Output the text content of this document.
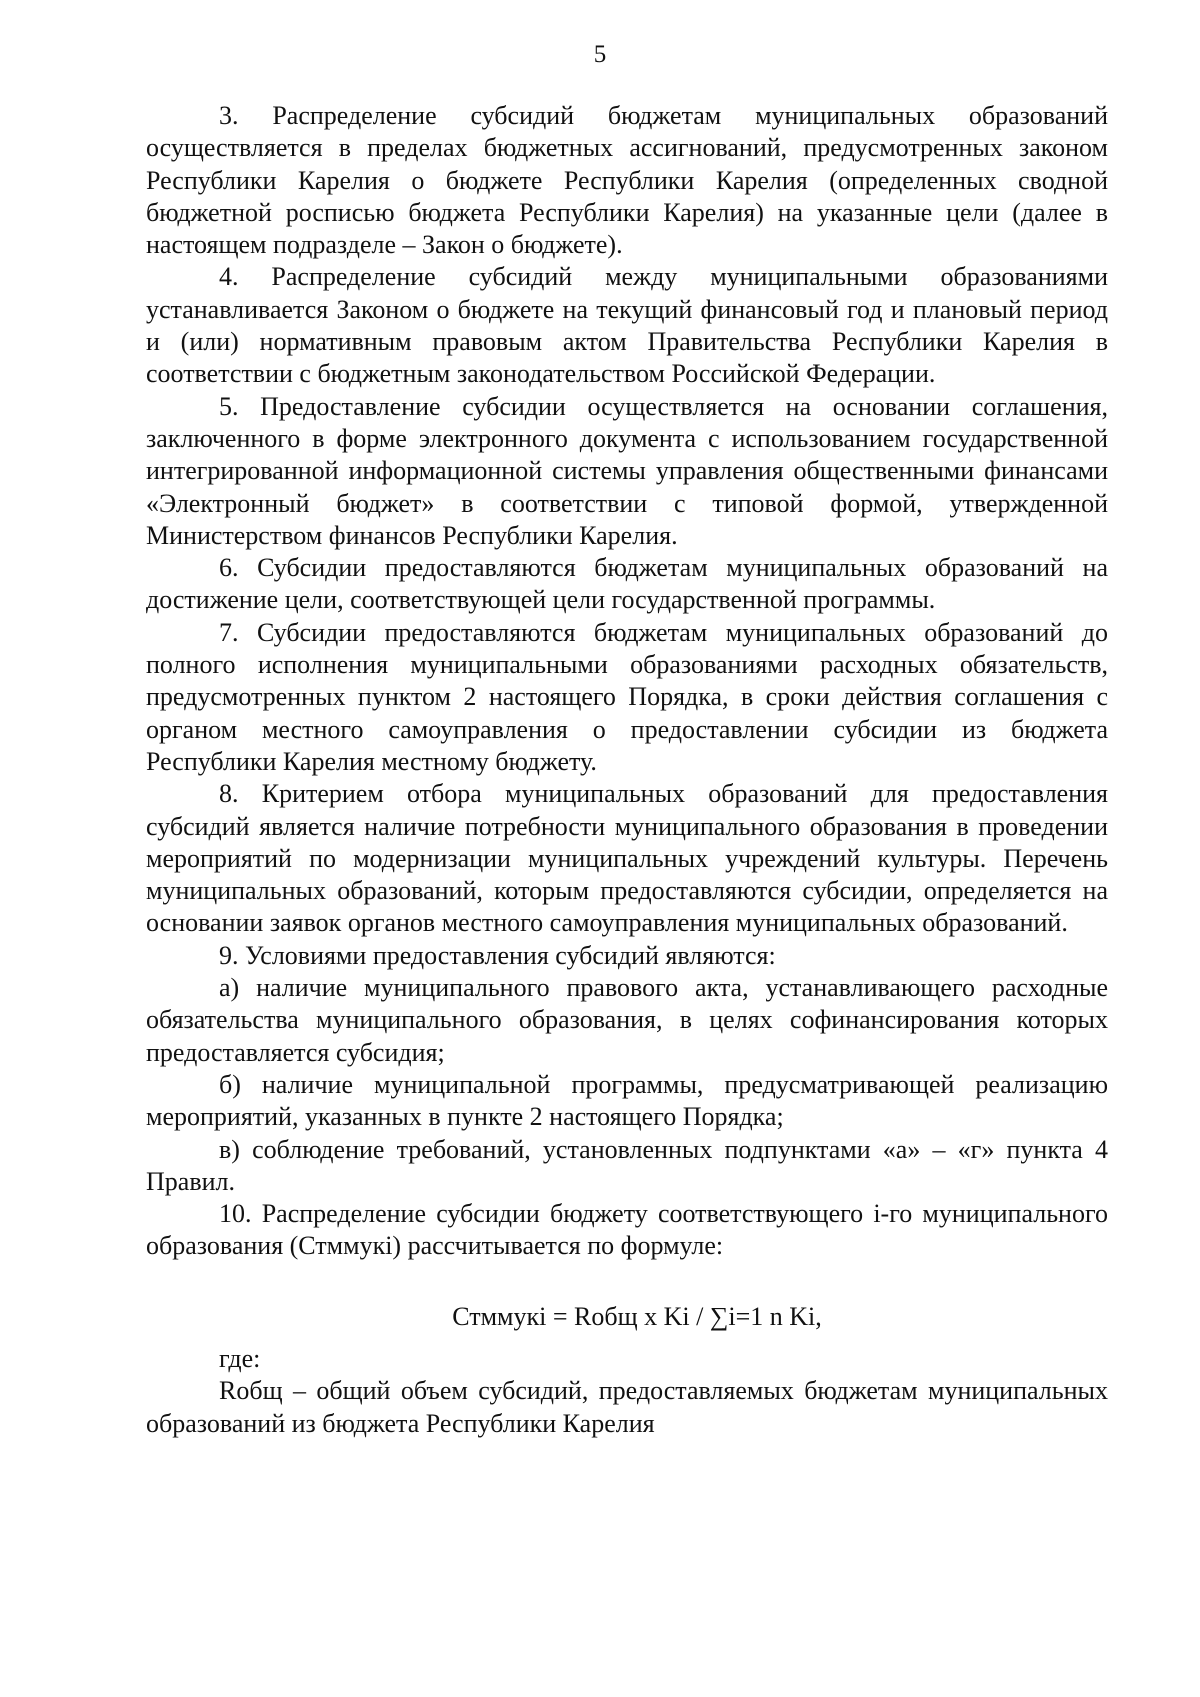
5

3. Распределение субсидий бюджетам муниципальных образований осуществляется в пределах бюджетных ассигнований, предусмотренных законом Республики Карелия о бюджете Республики Карелия (определенных сводной бюджетной росписью бюджета Республики Карелия) на указанные цели (далее в настоящем подразделе – Закон о бюджете).

4. Распределение субсидий между муниципальными образованиями устанавливается Законом о бюджете на текущий финансовый год и плановый период и (или) нормативным правовым актом Правительства Республики Карелия в соответствии с бюджетным законодательством Российской Федерации.

5. Предоставление субсидии осуществляется на основании соглашения, заключенного в форме электронного документа с использованием государственной интегрированной информационной системы управления общественными финансами «Электронный бюджет» в соответствии с типовой формой, утвержденной Министерством финансов Республики Карелия.

6. Субсидии предоставляются бюджетам муниципальных образований на достижение цели, соответствующей цели государственной программы.

7. Субсидии предоставляются бюджетам муниципальных образований до полного исполнения муниципальными образованиями расходных обязательств, предусмотренных пунктом 2 настоящего Порядка, в сроки действия соглашения с органом местного самоуправления о предоставлении субсидии из бюджета Республики Карелия местному бюджету.

8. Критерием отбора муниципальных образований для предоставления субсидий является наличие потребности муниципального образования в проведении мероприятий по модернизации муниципальных учреждений культуры. Перечень муниципальных образований, которым предоставляются субсидии, определяется на основании заявок органов местного самоуправления муниципальных образований.

9. Условиями предоставления субсидий являются:

а) наличие муниципального правового акта, устанавливающего расходные обязательства муниципального образования, в целях софинансирования которых предоставляется субсидия;

б) наличие муниципальной программы, предусматривающей реализацию мероприятий, указанных в пункте 2 настоящего Порядка;

в) соблюдение требований, установленных подпунктами «а» – «г» пункта 4 Правил.

10. Распределение субсидии бюджету соответствующего i-го муниципального образования (Стммукi) рассчитывается по формуле:

Стммукi = Rобщ x Ki / ∑i=1 n Ki,

где:

Rобщ – общий объем субсидий, предоставляемых бюджетам муниципальных образований из бюджета Республики Карелия
